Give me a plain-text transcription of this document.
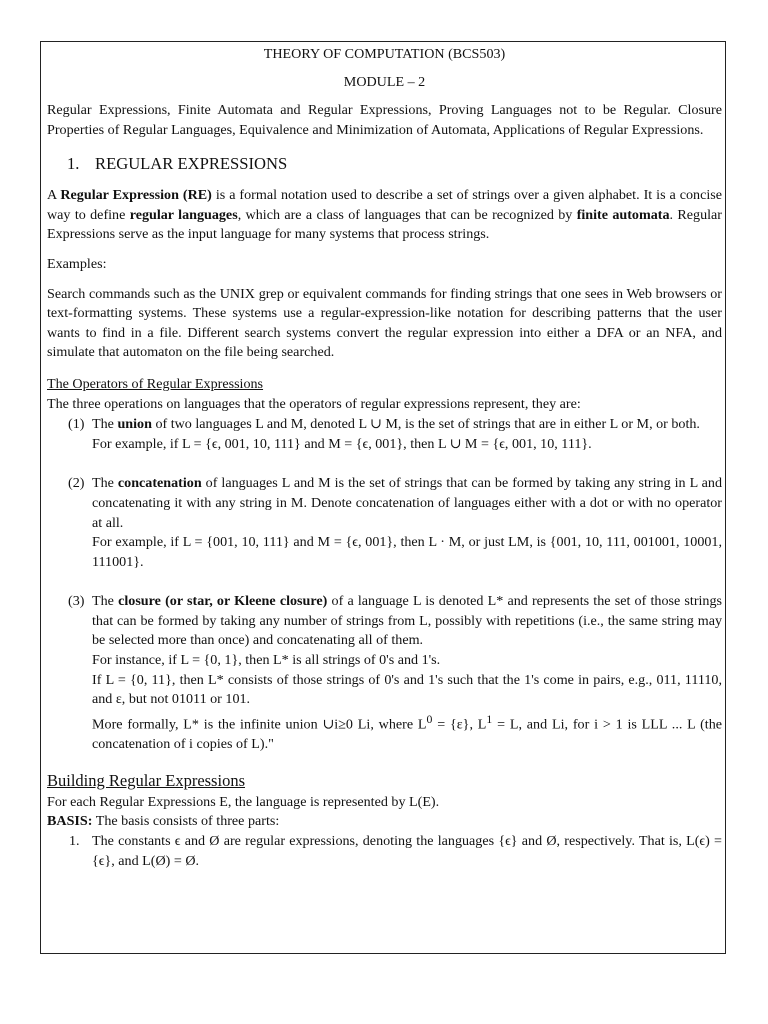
THEORY OF COMPUTATION (BCS503)
MODULE – 2

Regular Expressions, Finite Automata and Regular Expressions, Proving Languages not to be Regular. Closure Properties of Regular Languages, Equivalence and Minimization of Automata, Applications of Regular Expressions.

1. REGULAR EXPRESSIONS

A Regular Expression (RE) is a formal notation used to describe a set of strings over a given alphabet. It is a concise way to define regular languages, which are a class of languages that can be recognized by finite automata. Regular Expressions serve as the input language for many systems that process strings.

Examples:

Search commands such as the UNIX grep or equivalent commands for finding strings that one sees in Web browsers or text-formatting systems. These systems use a regular-expression-like notation for describing patterns that the user wants to find in a file. Different search systems convert the regular expression into either a DFA or an NFA, and simulate that automaton on the file being searched.

The Operators of Regular Expressions

The three operations on languages that the operators of regular expressions represent, they are:

(1) The union of two languages L and M, denoted L ∪ M, is the set of strings that are in either L or M, or both.

For example, if L = {ϵ, 001, 10, 111} and M = {ϵ, 001}, then L ∪ M = {ϵ, 001, 10, 111}.

(2) The concatenation of languages L and M is the set of strings that can be formed by taking any string in L and concatenating it with any string in M. Denote concatenation of languages either with a dot or with no operator at all.

For example, if L = {001, 10, 111} and M = {ϵ, 001}, then L · M, or just LM, is {001, 10, 111, 001001, 10001, 111001}.

(3) The closure (or star, or Kleene closure) of a language L is denoted L* and represents the set of those strings that can be formed by taking any number of strings from L, possibly with repetitions (i.e., the same string may be selected more than once) and concatenating all of them.

For instance, if L = {0, 1}, then L* is all strings of 0's and 1's.

If L = {0, 11}, then L* consists of those strings of 0's and 1's such that the 1's come in pairs, e.g., 011, 11110, and ε, but not 01011 or 101.

More formally, L* is the infinite union ∪i≥0 Li, where $L^0 = \{\varepsilon\}$, $L^1 = L$, and Li, for i > 1 is LLL ... L (the concatenation of i copies of L)."

Building Regular Expressions

For each Regular Expressions E, the language is represented by L(E).

BASIS: The basis consists of three parts:

1. The constants ϵ and Ø are regular expressions, denoting the languages {ϵ} and Ø, respectively. That is, L(ϵ) = {ϵ}, and L(Ø) = Ø.
